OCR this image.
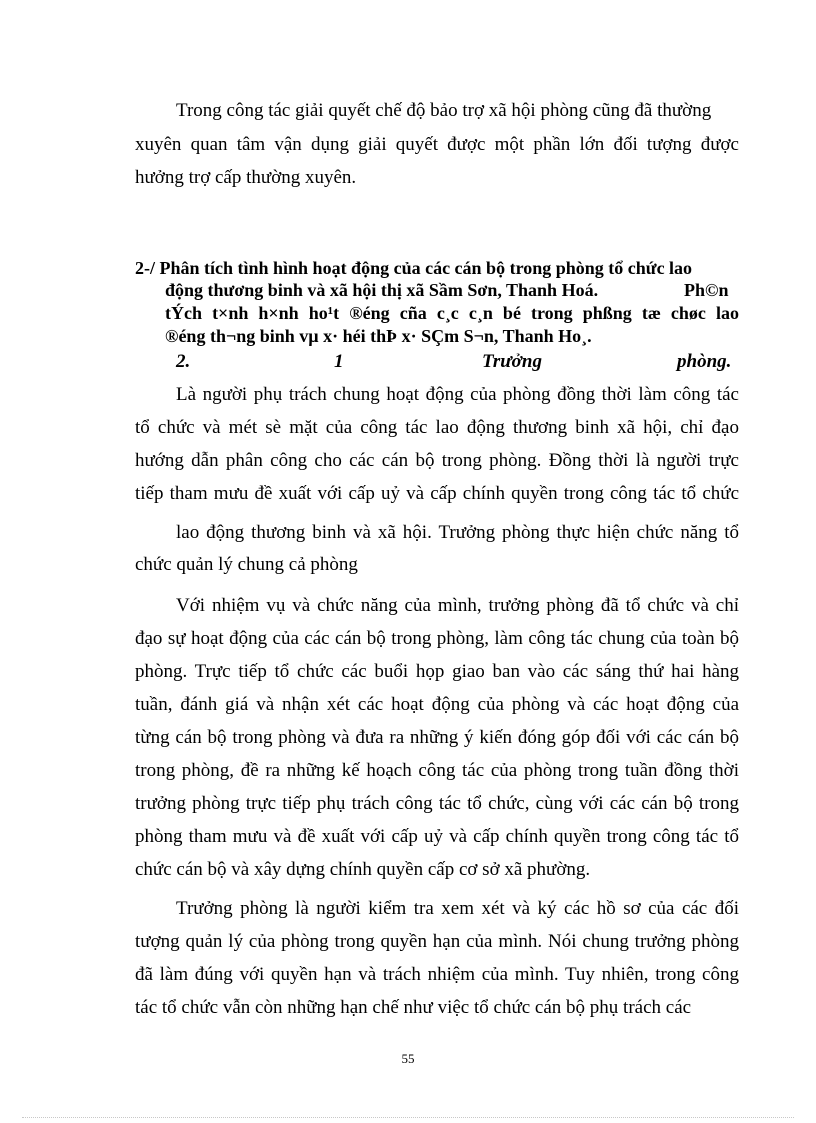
Trong công tác giải quyết chế độ bảo trợ xã hội phòng cũng đã thường
xuyên quan tâm vận dụng giải quyết được một phần lớn đối tượng được
hưởng trợ cấp thường xuyên.
2-/ Phân tích tình hình hoạt động của các cán bộ trong phòng tổ chức lao
động thương binh và xã hội thị xã Sầm Sơn, Thanh Hoá.	Ph©n
tÝch t×nh h×nh ho¹t ®éng cña c¸c c¸n bé trong phßng tæ chøc lao
®éng th¬ng binh vµ x· héi thÞ x· SÇm S¬n, Thanh Ho¸.
2.	1	Trưởng	phòng.
Là người phụ trách chung hoạt động của phòng đồng thời làm công tác
tổ chức và mét sè mặt của công tác lao động thương binh xã hội, chỉ đạo
hướng dẫn phân công cho các cán bộ trong phòng. Đồng thời là người trực
tiếp tham mưu đề xuất với cấp uỷ và cấp chính quyền trong công tác tổ chức
lao động thương binh và xã hội. Trưởng phòng thực hiện chức năng tổ
chức quản lý chung cả phòng
Với nhiệm vụ và chức năng của mình, trưởng phòng đã tổ chức và chỉ
đạo sự hoạt động của các cán bộ trong phòng, làm công tác chung của toàn bộ
phòng. Trực tiếp tổ chức các buổi họp giao ban vào các sáng thứ hai hàng
tuần, đánh giá và nhận xét các hoạt động của phòng và các hoạt động của
từng cán bộ trong phòng và đưa ra những ý kiến đóng góp đối với các cán bộ
trong phòng, đề ra những kế hoạch công tác của phòng trong tuần đồng thời
trưởng phòng trực tiếp phụ trách công tác tổ chức, cùng với các cán bộ trong
phòng tham mưu và đề xuất với cấp uỷ và cấp chính quyền trong công tác tổ
chức cán bộ và xây dựng chính quyền cấp cơ sở xã phường.
Trưởng phòng là người kiểm tra xem xét và ký các hồ sơ của các đối
tượng quản lý của phòng trong quyền hạn của mình. Nói chung trưởng phòng
đã làm đúng với quyền hạn và trách nhiệm của mình. Tuy nhiên, trong công
tác tổ chức vẫn còn những hạn chế như việc tổ chức cán bộ phụ trách các
55
